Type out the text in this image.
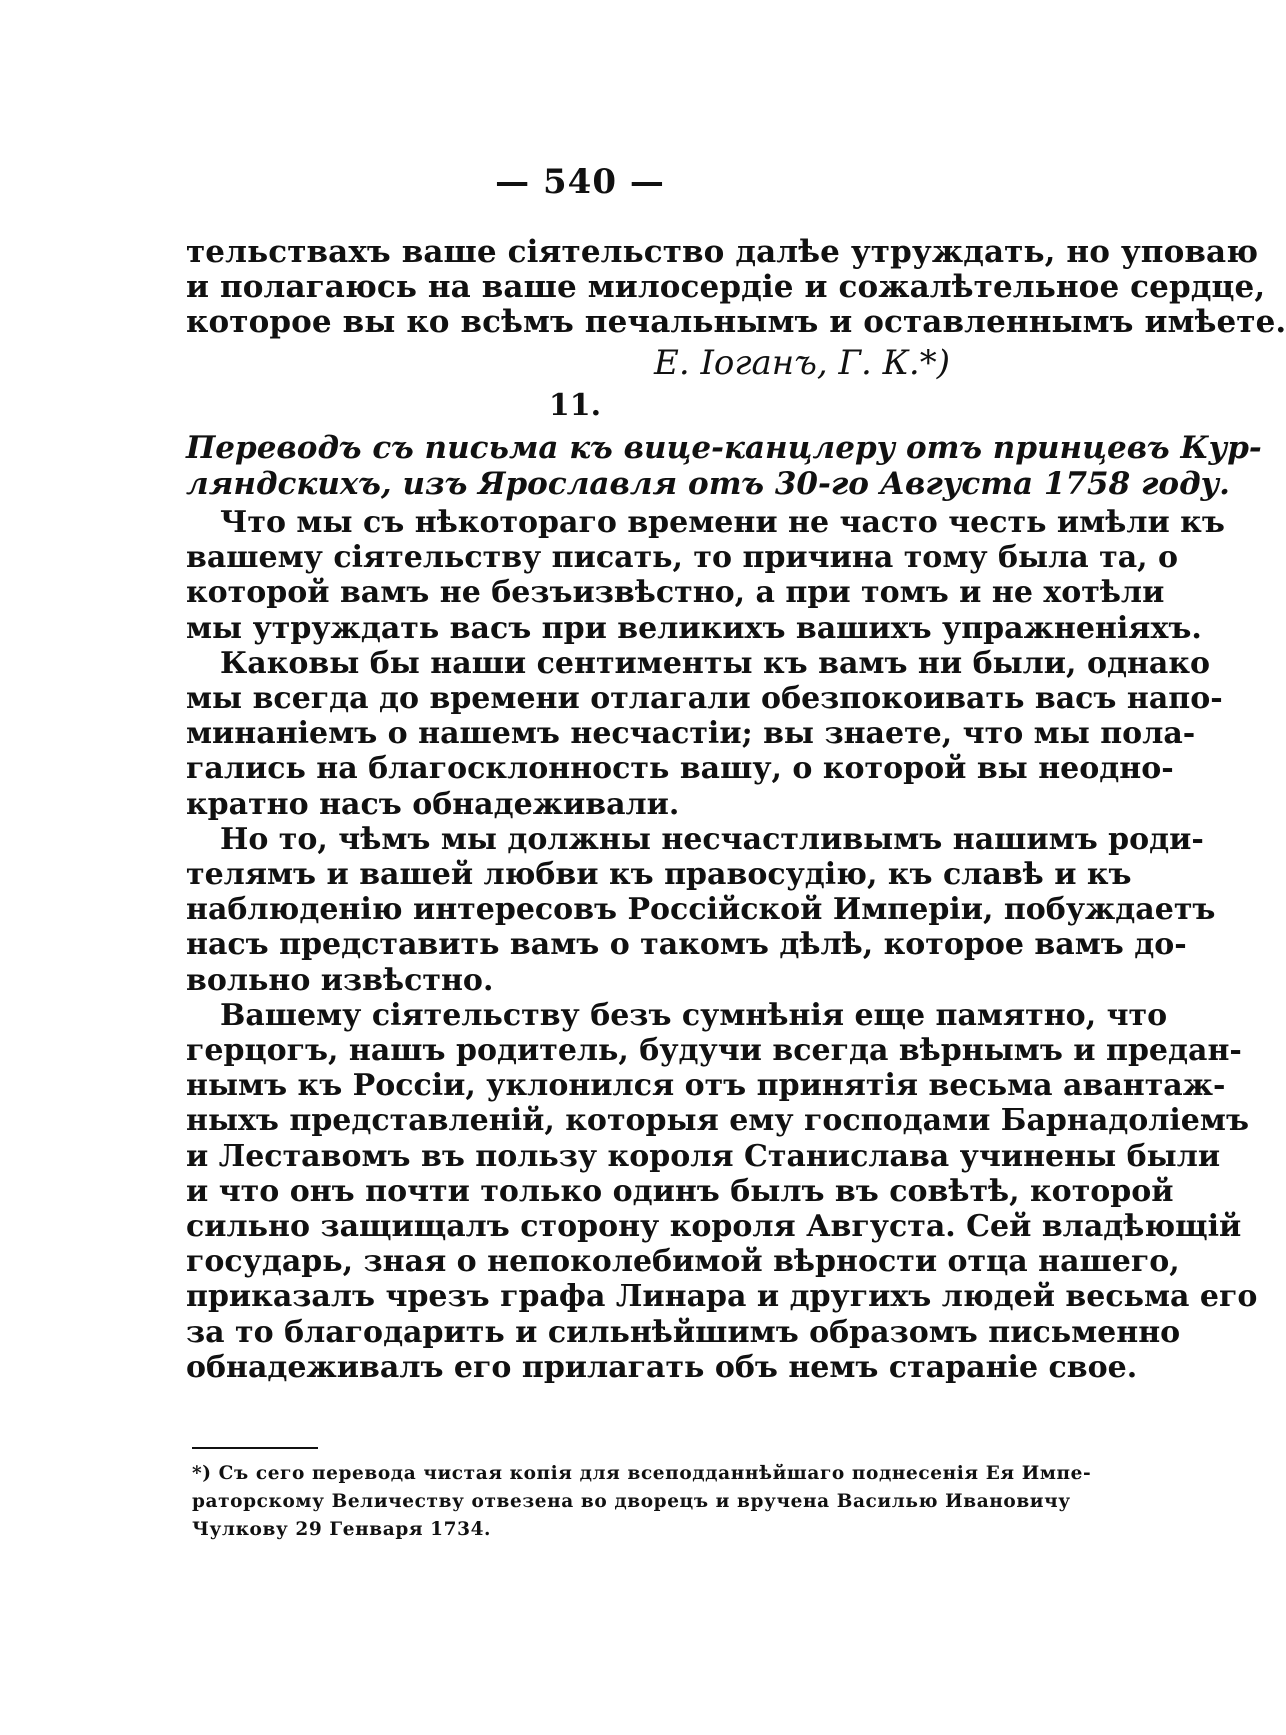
— 540 —
тельствахъ ваше сiятельство далѣе утруждать, но уповаю
и полагаюсь на ваше милосердiе и сожалѣтельное сердце,
которое вы ко всѣмъ печальнымъ и оставленнымъ имѣете.
Е. Iоганъ, Г. К.*)
11.
Переводъ съ письма къ вице-канцлеру отъ принцевъ Кур-
ляндскихъ, изъ Ярославля отъ 30-го Августа 1758 году.
Что мы съ нѣкотораго времени не часто честь имѣли къ
вашему сiятельству писать, то причина тому была та, о
которой вамъ не безъизвѣстно, а при томъ и не хотѣли
мы утруждать васъ при великихъ вашихъ упражненiяхъ.
Каковы бы наши сентименты къ вамъ ни были, однако
мы всегда до времени отлагали обезпокоивать васъ напо-
минанiемъ о нашемъ несчастiи; вы знаете, что мы пола-
гались на благосклонность вашу, о которой вы неодно-
кратно насъ обнадеживали.
Но то, чѣмъ мы должны несчастливымъ нашимъ роди-
телямъ и вашей любви къ правосудiю, къ славѣ и къ
наблюденiю интересовъ Россiйской Имперiи, побуждаетъ
насъ представить вамъ о такомъ дѣлѣ, которое вамъ до-
вольно извѣстно.
Вашему сiятельству безъ сумнѣнiя еще памятно, что
герцогъ, нашъ родитель, будучи всегда вѣрнымъ и предан-
нымъ къ Россiи, уклонился отъ принятiя весьма авантаж-
ныхъ представленiй, которыя ему господами Барнадолiемъ
и Леставомъ въ пользу короля Станислава учинены были
и что онъ почти только одинъ былъ въ совѣтѣ, которой
сильно защищалъ сторону короля Августа. Сей владѣющiй
государь, зная о непоколебимой вѣрности отца нашего,
приказалъ чрезъ графа Линара и другихъ людей весьма его
за то благодарить и сильнѣйшимъ образомъ письменно
обнадеживалъ его прилагать объ немъ старанiе свое.
*) Съ сего перевода чистая копiя для всеподданнѣйшаго поднесенiя Ея Импе-
раторскому Величеству отвезена во дворецъ и вручена Василью Ивановичу
Чулкову 29 Генваря 1734.
